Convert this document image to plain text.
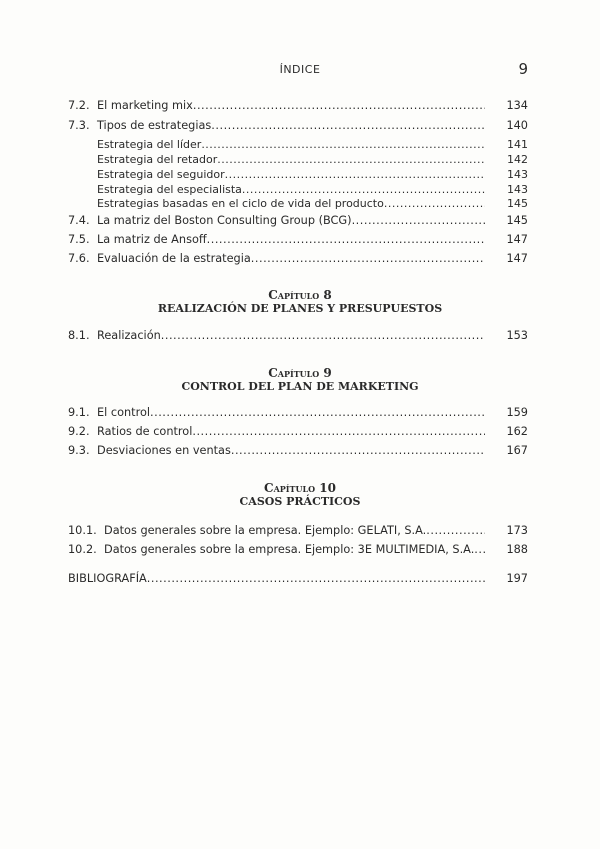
ÍNDICE	9
7.2. El marketing mix .....	134
7.3. Tipos de estrategias .....	140
Estrategia del líder .....	141
Estrategia del retador .....	142
Estrategia del seguidor .....	143
Estrategia del especialista .....	143
Estrategias basadas en el ciclo de vida del producto .....	145
7.4. La matriz del Boston Consulting Group (BCG) .....	145
7.5. La matriz de Ansoff .....	147
7.6. Evaluación de la estrategia .....	147
Capítulo 8
REALIZACIÓN DE PLANES Y PRESUPUESTOS
8.1. Realización .....	153
Capítulo 9
CONTROL DEL PLAN DE MARKETING
9.1. El control .....	159
9.2. Ratios de control .....	162
9.3. Desviaciones en ventas .....	167
Capítulo 10
CASOS PRÁCTICOS
10.1. Datos generales sobre la empresa. Ejemplo: GELATI, S.A. .....	173
10.2. Datos generales sobre la empresa. Ejemplo: 3E MULTIMEDIA, S.A. .....	188
BIBLIOGRAFÍA .....	197
